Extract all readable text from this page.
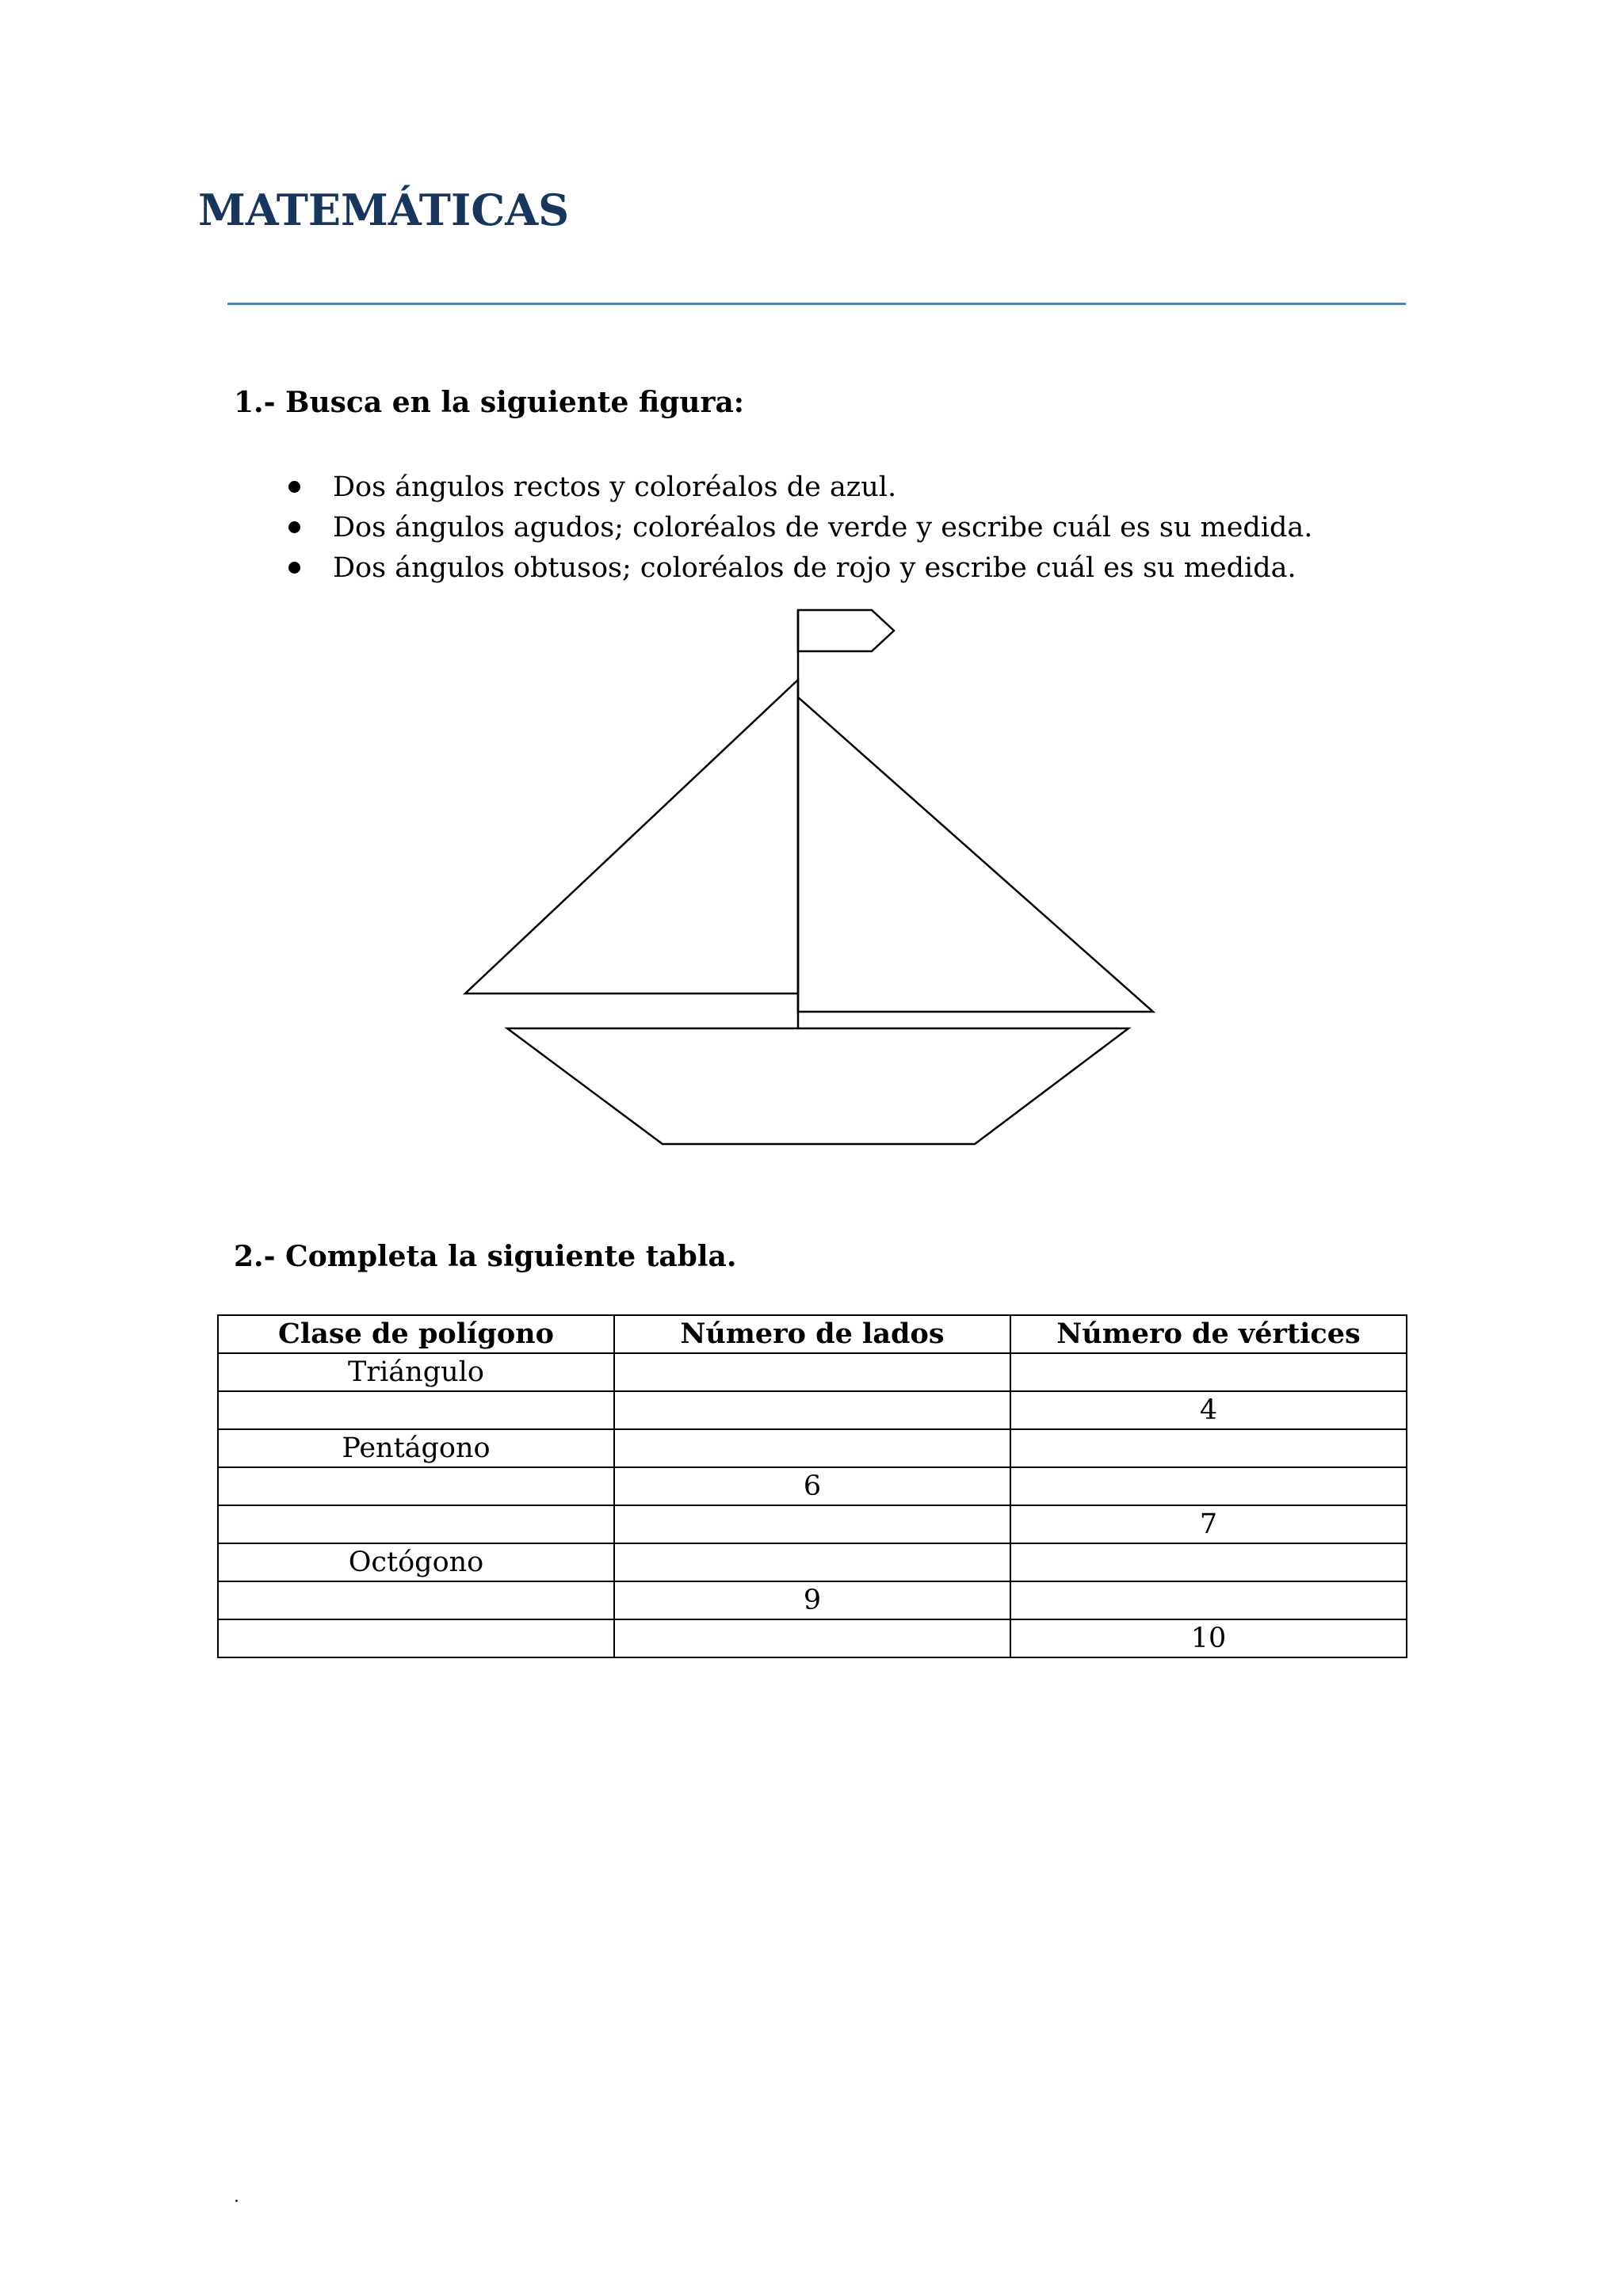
MATEMÁTICAS
1.- Busca en la siguiente figura:
Dos ángulos rectos y coloréalos de azul.
Dos ángulos agudos; coloréalos de verde y escribe cuál es su medida.
Dos ángulos obtusos; coloréalos de rojo y escribe cuál es su medida.
2.- Completa la siguiente tabla.
Clase de polígono	Número de lados	Número de vértices
Triángulo		
		4
Pentágono		
	6	
		7
Octógono		
	9	
		10
.
